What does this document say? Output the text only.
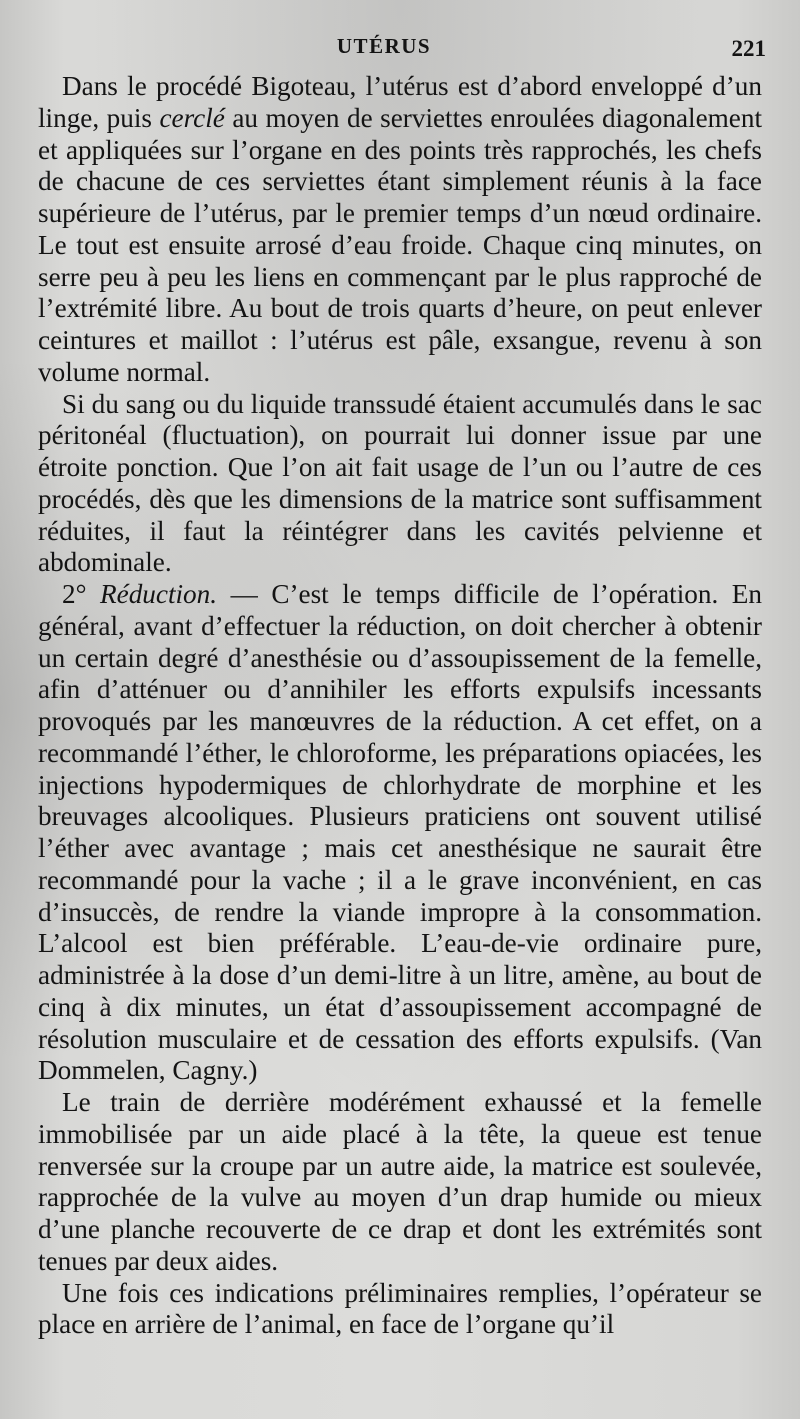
UTÉRUS	221

Dans le procédé Bigoteau, l’utérus est d’abord enveloppé d’un linge, puis cerclé au moyen de serviettes enroulées diagonalement et appliquées sur l’organe en des points très rapprochés, les chefs de chacune de ces serviettes étant simplement réunis à la face supérieure de l’utérus, par le premier temps d’un nœud ordinaire. Le tout est ensuite arrosé d’eau froide. Chaque cinq minutes, on serre peu à peu les liens en commençant par le plus rapproché de l’extrémité libre. Au bout de trois quarts d’heure, on peut enlever ceintures et maillot : l’utérus est pâle, exsangue, revenu à son volume normal.

Si du sang ou du liquide transsudé étaient accumulés dans le sac péritonéal (fluctuation), on pourrait lui donner issue par une étroite ponction. Que l’on ait fait usage de l’un ou l’autre de ces procédés, dès que les dimensions de la matrice sont suffisamment réduites, il faut la réintégrer dans les cavités pelvienne et abdominale.

2° Réduction. — C’est le temps difficile de l’opération. En général, avant d’effectuer la réduction, on doit chercher à obtenir un certain degré d’anesthésie ou d’assoupissement de la femelle, afin d’atténuer ou d’annihiler les efforts expulsifs incessants provoqués par les manœuvres de la réduction. A cet effet, on a recommandé l’éther, le chloroforme, les préparations opiacées, les injections hypodermiques de chlorhydrate de morphine et les breuvages alcooliques. Plusieurs praticiens ont souvent utilisé l’éther avec avantage ; mais cet anesthésique ne saurait être recommandé pour la vache ; il a le grave inconvénient, en cas d’insuccès, de rendre la viande impropre à la consommation. L’alcool est bien préférable. L’eau-de-vie ordinaire pure, administrée à la dose d’un demi-litre à un litre, amène, au bout de cinq à dix minutes, un état d’assoupissement accompagné de résolution musculaire et de cessation des efforts expulsifs. (Van Dommelen, Cagny.)

Le train de derrière modérément exhaussé et la femelle immobilisée par un aide placé à la tête, la queue est tenue renversée sur la croupe par un autre aide, la matrice est soulevée, rapprochée de la vulve au moyen d’un drap humide ou mieux d’une planche recouverte de ce drap et dont les extrémités sont tenues par deux aides.

Une fois ces indications préliminaires remplies, l’opérateur se place en arrière de l’animal, en face de l’organe qu’il
